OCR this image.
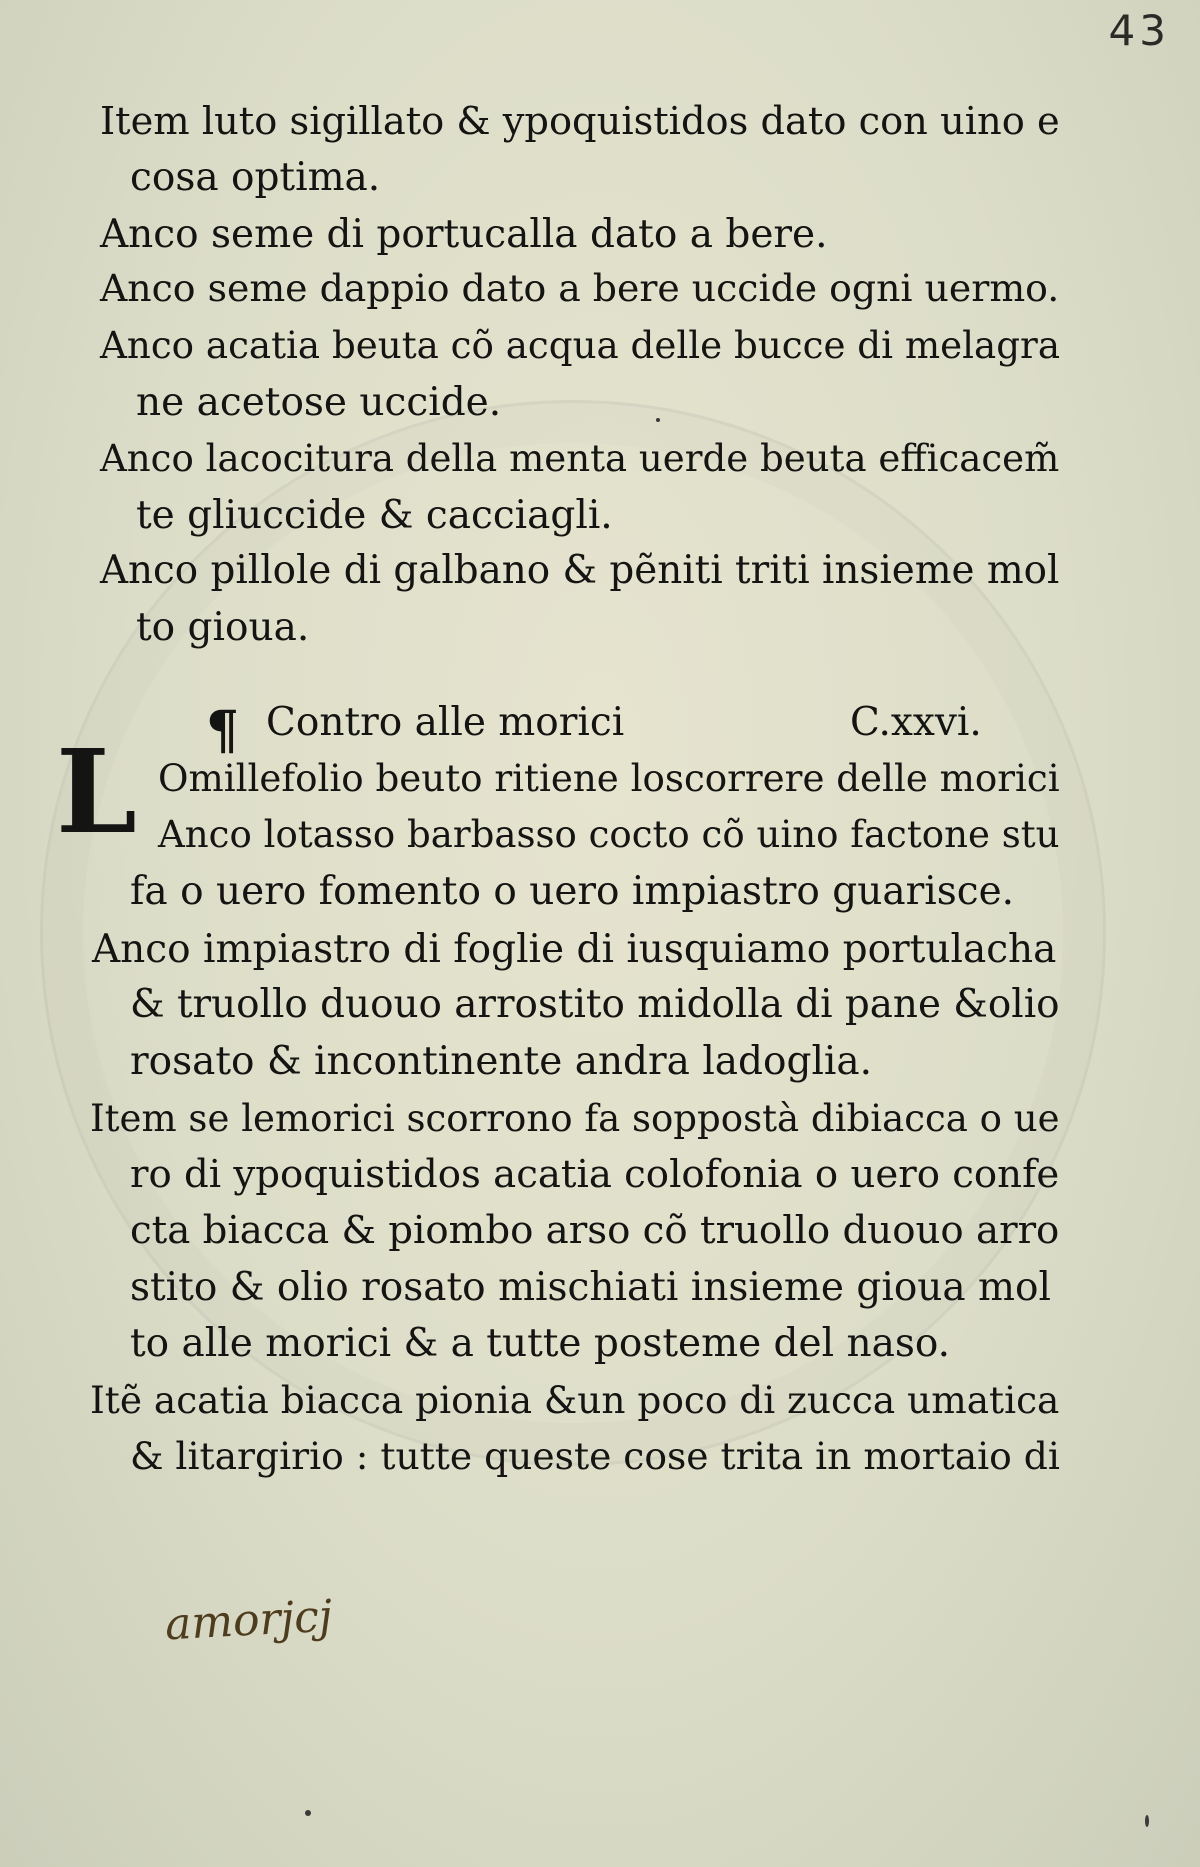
43
Item luto sigillato & ypoquistidos dato con uino e
cosa optima.
Anco seme di portucalla dato a bere.
Anco seme dappio dato a bere uccide ogni uermo.
Anco acatia beuta cõ acqua delle bucce di melagra
ne acetose uccide.
Anco lacocitura della menta uerde beuta efficacem̃
te gliuccide & cacciagli.
Anco pillole di galbano & pẽniti triti insieme mol
to gioua.
¶ Contro alle morici	C.xxvi.
L Omillefolio beuto ritiene loscorrere delle morici
Anco lotasso barbasso cocto cõ uino factone stu
fa o uero fomento o uero impiastro guarisce.
Anco impiastro di foglie di iusquiamo portulacha
& truollo duouo arrostito midolla di pane &olio
rosato & incontinente andra ladoglia.
Item se lemorici scorrono fa soppostà dibiacca o ue
ro di ypoquistidos acatia colofonia o uero confe
cta biacca & piombo arso cõ truollo duouo arro
stito & olio rosato mischiati insieme gioua mol
to alle morici & a tutte posteme del naso.
Itẽ acatia biacca pionia &un poco di zucca umatica
& litargirio : tutte queste cose trita in mortaio di
amorjcj
